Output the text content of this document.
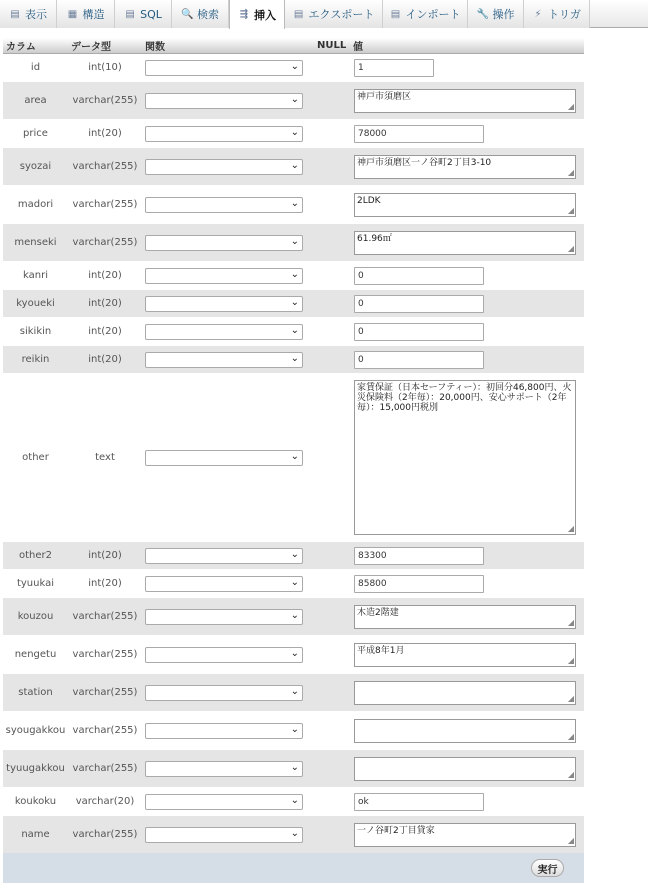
▤ 表示 ▦ 構造 ▤ SQL 🔍 検索 ⇶ 挿入 ▤ エクスポート ▤ インポート 🔧 操作 ⚡ トリガ
カラム	データ型	関数	NULL	値
id	int(10)	⌄		1

area	varchar(255)	⌄		神戸市須磨区
◢

price	int(20)	⌄		78000

syozai	varchar(255)	⌄		神戸市須磨区一ノ谷町2丁目3-10
◢

madori	varchar(255)	⌄		2LDK
◢

menseki	varchar(255)	⌄		61.96㎡
◢

kanri	int(20)	⌄		0

kyoueki	int(20)	⌄		0

sikikin	int(20)	⌄		0

reikin	int(20)	⌄		0

other	text	⌄		家賃保証（日本セーフティー）：初回分46,800円、火災保険料（2年毎）：20,000円、安心サポート（2年毎）：15,000円税別
◢

other2	int(20)	⌄		83300

tyuukai	int(20)	⌄		85800

kouzou	varchar(255)	⌄		木造2階建
◢

nengetu	varchar(255)	⌄		平成8年1月
◢

station	varchar(255)	⌄		◢

syougakkou	varchar(255)	⌄		◢

tyuugakkou	varchar(255)	⌄		◢

koukoku	varchar(20)	⌄		ok

name	varchar(255)	⌄		一ノ谷町2丁目貸家
◢
実行
